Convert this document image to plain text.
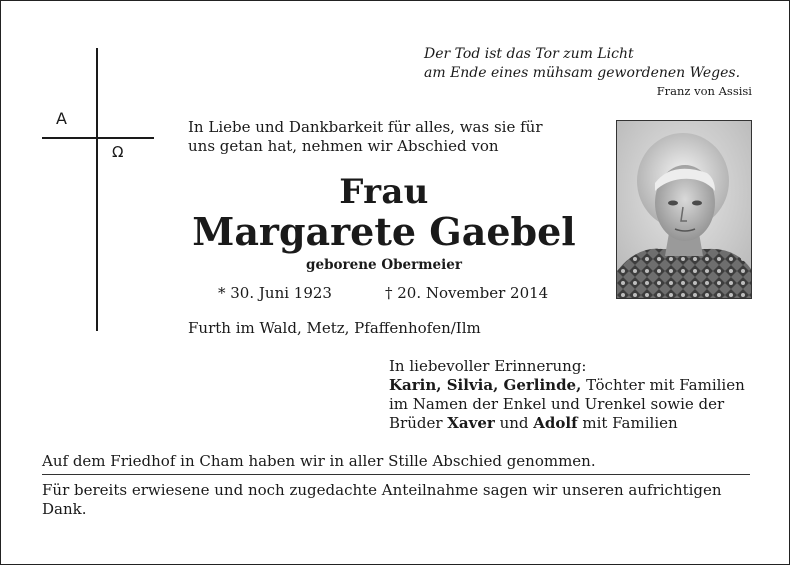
Der Tod ist das Tor zum Licht
am Ende eines mühsam gewordenen Weges.
Franz von Assisi
A
Ω
In Liebe und Dankbarkeit für alles, was sie für
uns getan hat, nehmen wir Abschied von
Frau
Margarete Gaebel
geborene Obermeier
* 30. Juni 1923	† 20. November 2014
Furth im Wald, Metz, Pfaffenhofen/Ilm
In liebevoller Erinnerung:
Karin, Silvia, Gerlinde, Töchter mit Familien
im Namen der Enkel und Urenkel sowie der
Brüder Xaver und Adolf mit Familien
Auf dem Friedhof in Cham haben wir in aller Stille Abschied genommen.
Für bereits erwiesene und noch zugedachte Anteilnahme sagen wir unseren aufrichtigen Dank.
